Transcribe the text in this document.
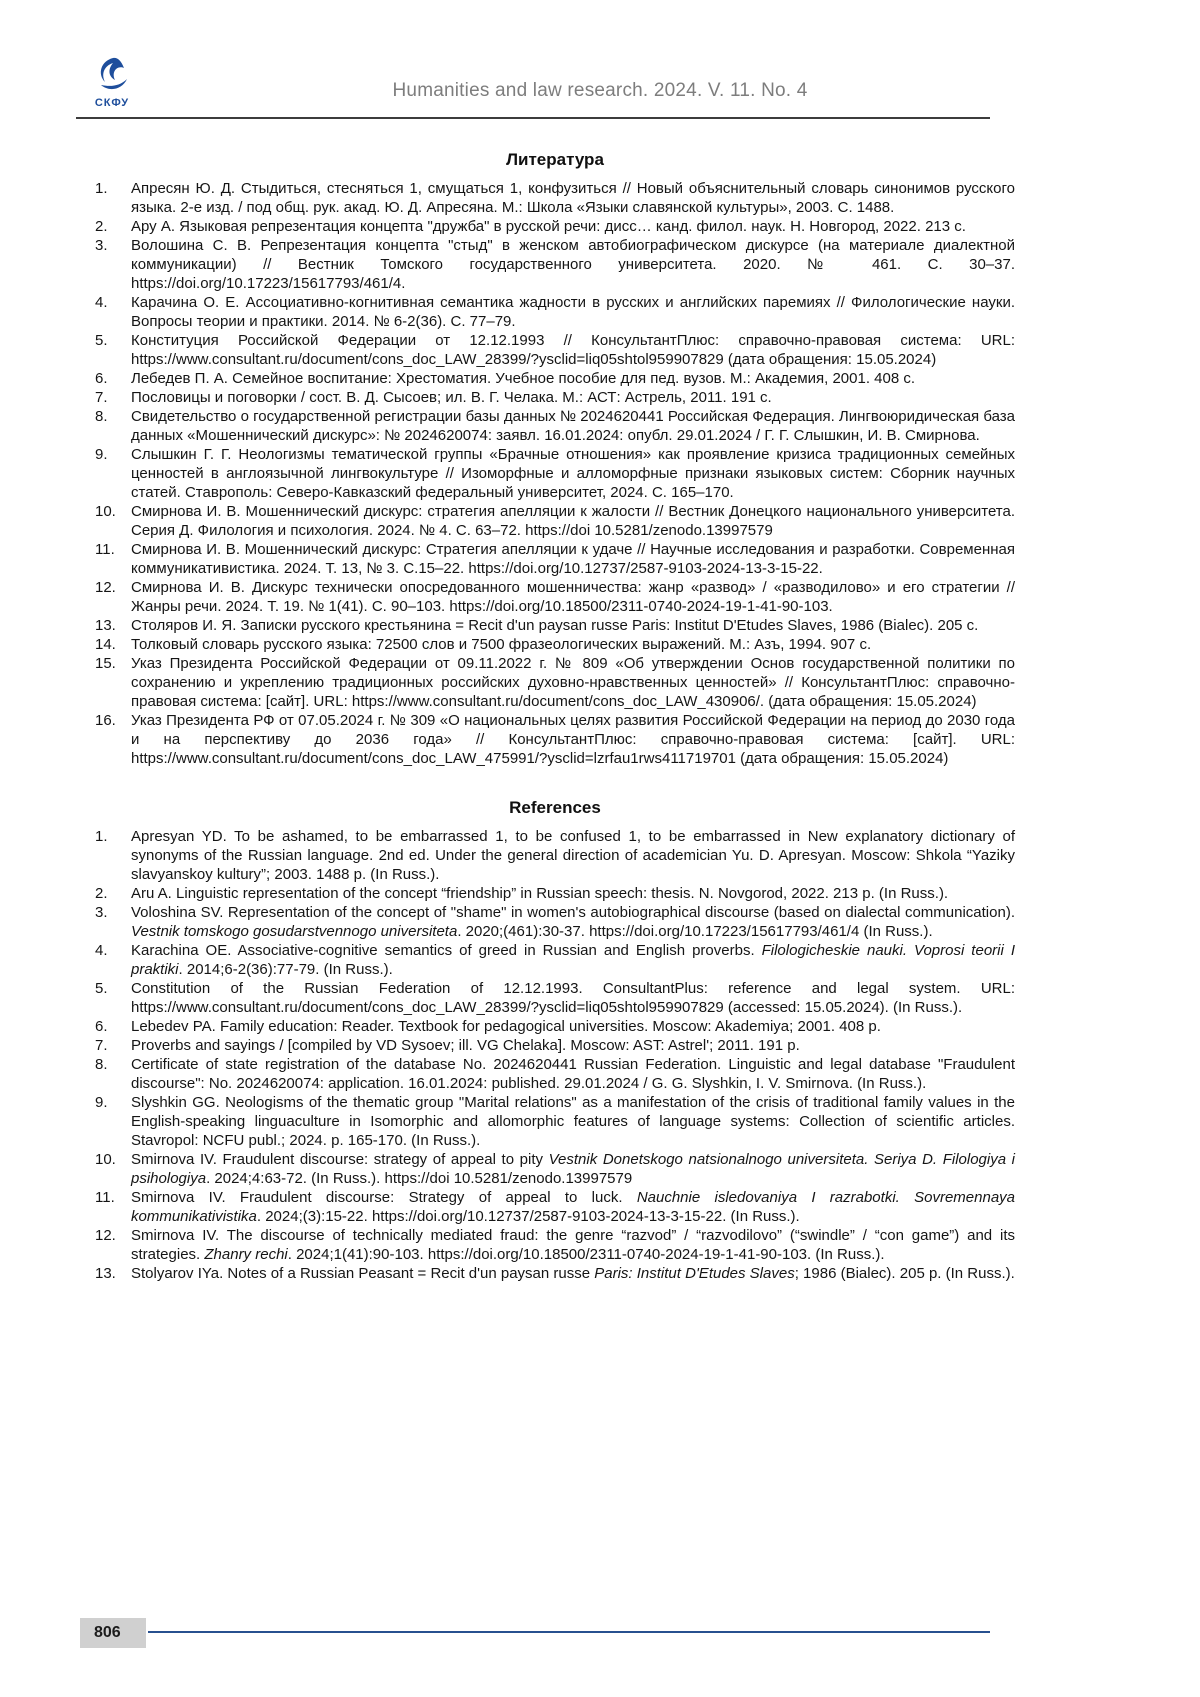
СКФУ
Humanities and law research. 2024. V. 11. No. 4
Литература
1.	Апресян Ю. Д. Стыдиться, стесняться 1, смущаться 1, конфузиться // Новый объяснительный словарь синонимов русского языка. 2-е изд. / под общ. рук. акад. Ю. Д. Апресяна. М.: Школа «Языки славянской культуры», 2003. С. 1488.
2.	Ару А. Языковая репрезентация концепта "дружба" в русской речи: дисс… канд. филол. наук. Н. Новгород, 2022. 213 с.
3.	Волошина С. В. Репрезентация концепта "стыд" в женском автобиографическом дискурсе (на материале диалектной коммуникации) // Вестник Томского государственного университета. 2020. № 461. С. 30–37. https://doi.org/10.17223/15617793/461/4.
4.	Карачина О. Е. Ассоциативно-когнитивная семантика жадности в русских и английских паремиях // Филологические науки. Вопросы теории и практики. 2014. № 6-2(36). С. 77–79.
5.	Конституция Российской Федерации от 12.12.1993 // КонсультантПлюс: справочно-правовая система: URL: https://www.consultant.ru/document/cons_doc_LAW_28399/?ysclid=liq05shtol959907829 (дата обращения: 15.05.2024)
6.	Лебедев П. А. Семейное воспитание: Хрестоматия. Учебное пособие для пед. вузов. М.: Академия, 2001. 408 с.
7.	Пословицы и поговорки / сост. В. Д. Сысоев; ил. В. Г. Челака. М.: АСТ: Астрель, 2011. 191 с.
8.	Свидетельство о государственной регистрации базы данных № 2024620441 Российская Федерация. Лингвоюридическая база данных «Мошеннический дискурс»: № 2024620074: заявл. 16.01.2024: опубл. 29.01.2024 / Г. Г. Слышкин, И. В. Смирнова.
9.	Слышкин Г. Г. Неологизмы тематической группы «Брачные отношения» как проявление кризиса традиционных семейных ценностей в англоязычной лингвокультуре // Изоморфные и алломорфные признаки языковых систем: Сборник научных статей. Ставрополь: Северо-Кавказский федеральный университет, 2024. С. 165–170.
10.	Смирнова И. В. Мошеннический дискурс: стратегия апелляции к жалости // Вестник Донецкого национального университета. Серия Д. Филология и психология. 2024. № 4. С. 63–72. https://doi 10.5281/zenodo.13997579
11.	Смирнова И. В. Мошеннический дискурс: Стратегия апелляции к удаче // Научные исследования и разработки. Современная коммуникативистика. 2024. Т. 13, № 3. С.15–22. https://doi.org/10.12737/2587-9103-2024-13-3-15-22.
12.	Смирнова И. В. Дискурс технически опосредованного мошенничества: жанр «развод» / «разводилово» и его стратегии // Жанры речи. 2024. Т. 19. № 1(41). С. 90–103. https://doi.org/10.18500/2311-0740-2024-19-1-41-90-103.
13.	Столяров И. Я. Записки русского крестьянина = Recit d'un paysan russe Paris: Institut D'Etudes Slaves, 1986 (Bialec). 205 с.
14.	Толковый словарь русского языка: 72500 слов и 7500 фразеологических выражений. М.: Азъ, 1994. 907 с.
15.	Указ Президента Российской Федерации от 09.11.2022 г. № 809 «Об утверждении Основ государственной политики по сохранению и укреплению традиционных российских духовно-нравственных ценностей» // КонсультантПлюс: справочно-правовая система: [сайт]. URL: https://www.consultant.ru/document/cons_doc_LAW_430906/. (дата обращения: 15.05.2024)
16.	Указ Президента РФ от 07.05.2024 г. № 309 «О национальных целях развития Российской Федерации на период до 2030 года и на перспективу до 2036 года» // КонсультантПлюс: справочно-правовая система: [сайт]. URL: https://www.consultant.ru/document/cons_doc_LAW_475991/?ysclid=lzrfau1rws411719701 (дата обращения: 15.05.2024)
References
1.	Apresyan YD. To be ashamed, to be embarrassed 1, to be confused 1, to be embarrassed in New explanatory dictionary of synonyms of the Russian language. 2nd ed. Under the general direction of academician Yu. D. Apresyan. Moscow: Shkola “Yaziky slavyanskoy kultury”; 2003. 1488 p. (In Russ.).
2.	Aru A. Linguistic representation of the concept “friendship” in Russian speech: thesis. N. Novgorod, 2022. 213 p. (In Russ.).
3.	Voloshina SV. Representation of the concept of "shame" in women's autobiographical discourse (based on dialectal communication). Vestnik tomskogo gosudarstvennogo universiteta. 2020;(461):30-37. https://doi.org/10.17223/15617793/461/4 (In Russ.).
4.	Karachina OE. Associative-cognitive semantics of greed in Russian and English proverbs. Filologicheskie nauki. Voprosi teorii I praktiki. 2014;6-2(36):77-79. (In Russ.).
5.	Constitution of the Russian Federation of 12.12.1993. ConsultantPlus: reference and legal system. URL: https://www.consultant.ru/document/cons_doc_LAW_28399/?ysclid=liq05shtol959907829 (accessed: 15.05.2024). (In Russ.).
6.	Lebedev PA. Family education: Reader. Textbook for pedagogical universities. Moscow: Akademiya; 2001. 408 p.
7.	Proverbs and sayings / [compiled by VD Sysoev; ill. VG Chelaka]. Moscow: AST: Astrel'; 2011. 191 p.
8.	Certificate of state registration of the database No. 2024620441 Russian Federation. Linguistic and legal database "Fraudulent discourse": No. 2024620074: application. 16.01.2024: published. 29.01.2024 / G. G. Slyshkin, I. V. Smirnova. (In Russ.).
9.	Slyshkin GG. Neologisms of the thematic group "Marital relations" as a manifestation of the crisis of traditional family values in the English-speaking linguaculture in Isomorphic and allomorphic features of language systems: Collection of scientific articles. Stavropol: NCFU publ.; 2024. p. 165-170. (In Russ.).
10.	Smirnova IV. Fraudulent discourse: strategy of appeal to pity Vestnik Donetskogo natsionalnogo universiteta. Seriya D. Filologiya i psihologiya. 2024;4:63-72. (In Russ.). https://doi 10.5281/zenodo.13997579
11.	Smirnova IV. Fraudulent discourse: Strategy of appeal to luck. Nauchnie isledovaniya I razrabotki. Sovremennaya kommunikativistika. 2024;(3):15-22. https://doi.org/10.12737/2587-9103-2024-13-3-15-22. (In Russ.).
12.	Smirnova IV. The discourse of technically mediated fraud: the genre “razvod” / “razvodilovo” (“swindle” / “con game”) and its strategies. Zhanry rechi. 2024;1(41):90-103. https://doi.org/10.18500/2311-0740-2024-19-1-41-90-103. (In Russ.).
13.	Stolyarov IYa. Notes of a Russian Peasant = Recit d'un paysan russe Paris: Institut D'Etudes Slaves; 1986 (Bialec). 205 p. (In Russ.).
806
